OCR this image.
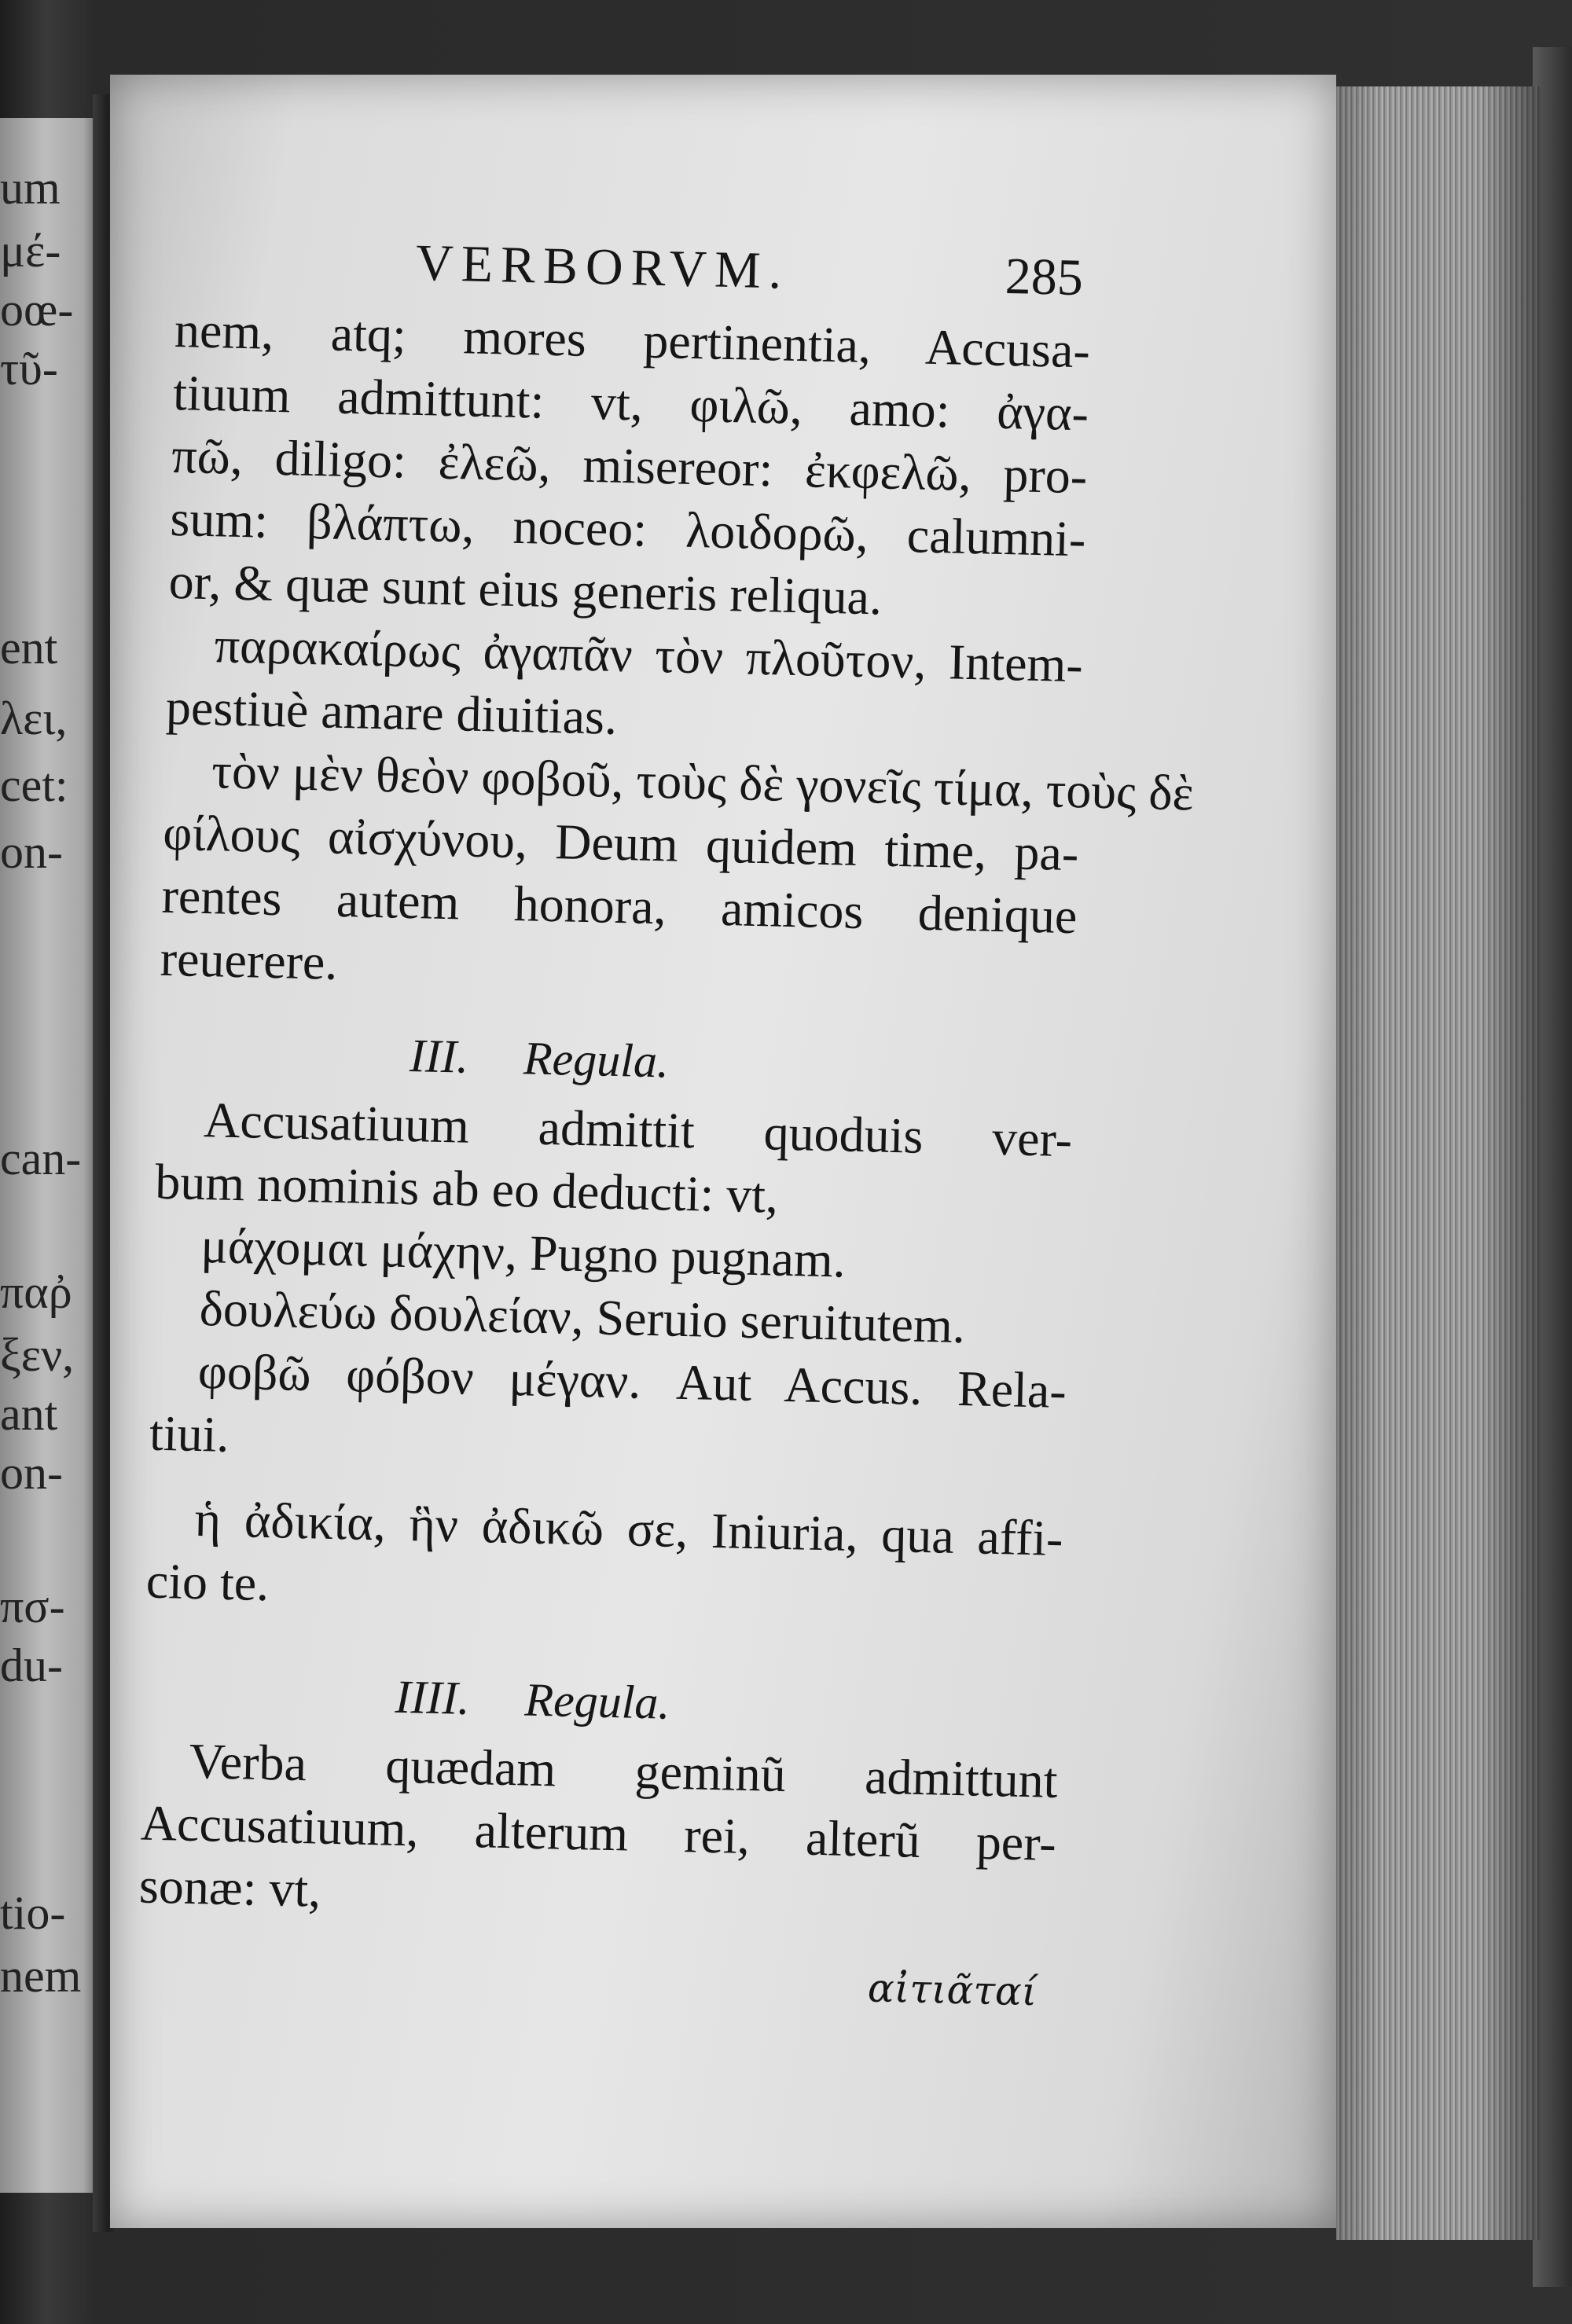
um
μέ-
οœ-
τῦ-
ent
λει,
cet:
on-
can-
παῤ
ξεν,
ant
on-
πσ-
du-
tio-
nem
VERBORVM.	285
nem, atq; mores pertinentia, Accusa-
tiuum admittunt: vt, φιλῶ, amo: ἀγα-
πῶ, diligo: ἐλεῶ, misereor: ἐκφελῶ, pro-
sum: βλάπτω, noceo: λοιδορῶ, calumni-
or, & quæ sunt eius generis reliqua.
παρακαίρως ἀγαπᾶν τὸν πλοῦτον, Intem-
pestiuè amare diuitias.
τὸν μὲν θεὸν φοβοῦ, τοὺς δὲ γονεῖς τίμα, τοὺς δὲ
φίλους αἰσχύνου, Deum quidem time, pa-
rentes autem honora, amicos denique
reuerere.
III. Regula.
Accusatiuum admittit quoduis ver-
bum nominis ab eo deducti: vt,
μάχομαι μάχην, Pugno pugnam.
δουλεύω δουλείαν, Seruio seruitutem.
φοβῶ φόβον μέγαν. Aut Accus. Rela-
tiui.
ἡ ἀδικία, ἣν ἀδικῶ σε, Iniuria, qua affi-
cio te.
IIII. Regula.
Verba quædam geminũ admittunt
Accusatiuum, alterum rei, alterũ per-
sonæ: vt,
αἰτιᾶταί
